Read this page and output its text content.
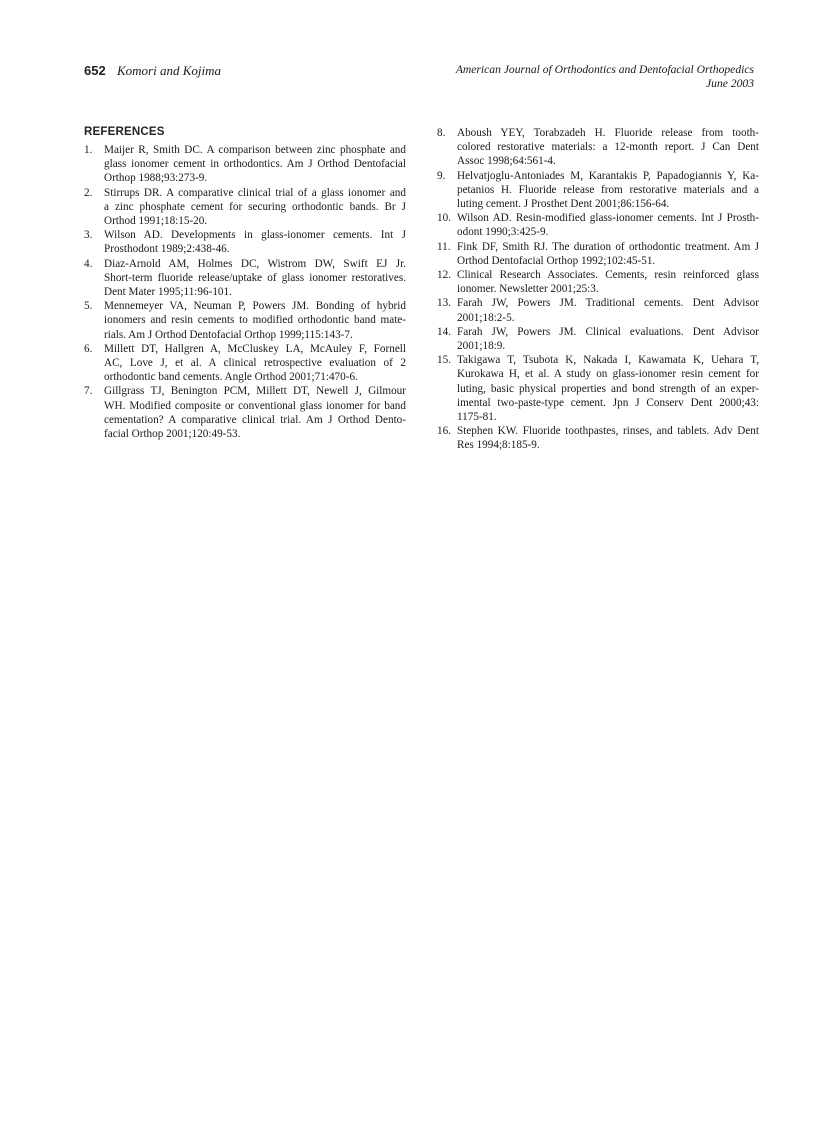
652 Komori and Kojima	American Journal of Orthodontics and Dentofacial Orthopedics
June 2003
REFERENCES
1.	Maijer R, Smith DC. A comparison between zinc phosphate and
glass ionomer cement in orthodontics. Am J Orthod Dentofacial
Orthop 1988;93:273-9.
2.	Stirrups DR. A comparative clinical trial of a glass ionomer and
a zinc phosphate cement for securing orthodontic bands. Br J
Orthod 1991;18:15-20.
3.	Wilson AD. Developments in glass-ionomer cements. Int J
Prosthodont 1989;2:438-46.
4.	Diaz-Arnold AM, Holmes DC, Wistrom DW, Swift EJ Jr.
Short-term fluoride release/uptake of glass ionomer restoratives.
Dent Mater 1995;11:96-101.
5.	Mennemeyer VA, Neuman P, Powers JM. Bonding of hybrid
ionomers and resin cements to modified orthodontic band mate-
rials. Am J Orthod Dentofacial Orthop 1999;115:143-7.
6.	Millett DT, Hallgren A, McCluskey LA, McAuley F, Fornell
AC, Love J, et al. A clinical retrospective evaluation of 2
orthodontic band cements. Angle Orthod 2001;71:470-6.
7.	Gillgrass TJ, Benington PCM, Millett DT, Newell J, Gilmour
WH. Modified composite or conventional glass ionomer for band
cementation? A comparative clinical trial. Am J Orthod Dento-
facial Orthop 2001;120:49-53.
8.	Aboush YEY, Torabzadeh H. Fluoride release from tooth-
colored restorative materials: a 12-month report. J Can Dent
Assoc 1998;64:561-4.
9.	Helvatjoglu-Antoniades M, Karantakis P, Papadogiannis Y, Ka-
petanios H. Fluoride release from restorative materials and a
luting cement. J Prosthet Dent 2001;86:156-64.
10. Wilson AD. Resin-modified glass-ionomer cements. Int J Prosth-
odont 1990;3:425-9.
11. Fink DF, Smith RJ. The duration of orthodontic treatment. Am J
Orthod Dentofacial Orthop 1992;102:45-51.
12. Clinical Research Associates. Cements, resin reinforced glass
ionomer. Newsletter 2001;25:3.
13. Farah JW, Powers JM. Traditional cements. Dent Advisor
2001;18:2-5.
14. Farah JW, Powers JM. Clinical evaluations. Dent Advisor
2001;18:9.
15. Takigawa T, Tsubota K, Nakada I, Kawamata K, Uehara T,
Kurokawa H, et al. A study on glass-ionomer resin cement for
luting, basic physical properties and bond strength of an exper-
imental two-paste-type cement. Jpn J Conserv Dent 2000;43:
1175-81.
16. Stephen KW. Fluoride toothpastes, rinses, and tablets. Adv Dent
Res 1994;8:185-9.
